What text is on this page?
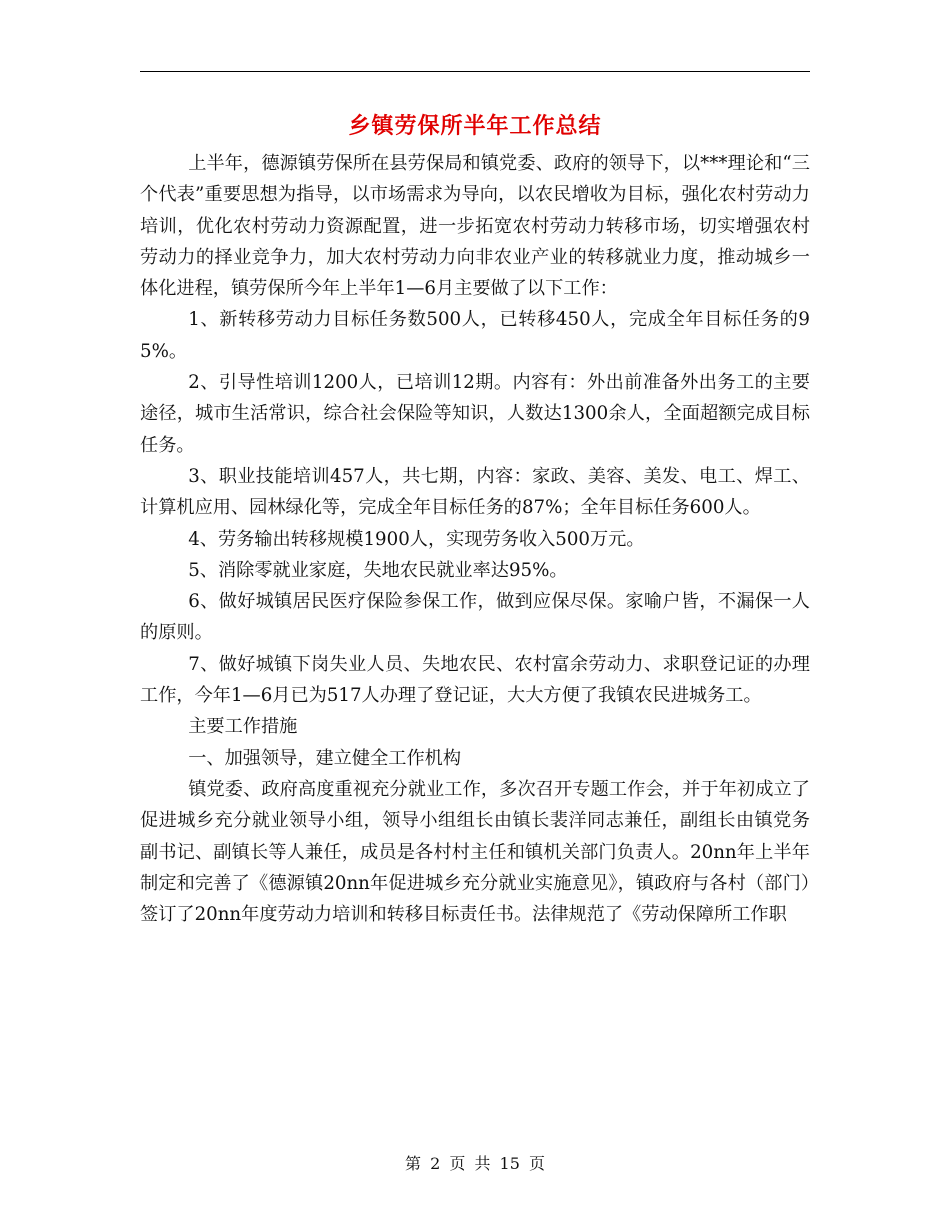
乡镇劳保所半年工作总结

上半年，德源镇劳保所在县劳保局和镇党委、政府的领导下，以***理论和“三个代表”重要思想为指导，以市场需求为导向，以农民增收为目标，强化农村劳动力培训，优化农村劳动力资源配置，进一步拓宽农村劳动力转移市场，切实增强农村劳动力的择业竞争力，加大农村劳动力向非农业产业的转移就业力度，推动城乡一体化进程，镇劳保所今年上半年1—6月主要做了以下工作：

1、新转移劳动力目标任务数500人，已转移450人，完成全年目标任务的95%。

2、引导性培训1200人，已培训12期。内容有：外出前准备外出务工的主要途径，城市生活常识，综合社会保险等知识，人数达1300余人，全面超额完成目标任务。

3、职业技能培训457人，共七期，内容：家政、美容、美发、电工、焊工、计算机应用、园林绿化等，完成全年目标任务的87%；全年目标任务600人。

4、劳务输出转移规模1900人，实现劳务收入500万元。

5、消除零就业家庭，失地农民就业率达95%。

6、做好城镇居民医疗保险参保工作，做到应保尽保。家喻户皆，不漏保一人的原则。

7、做好城镇下岗失业人员、失地农民、农村富余劳动力、求职登记证的办理工作，今年1—6月已为517人办理了登记证，大大方便了我镇农民进城务工。

主要工作措施

一、加强领导，建立健全工作机构

镇党委、政府高度重视充分就业工作，多次召开专题工作会，并于年初成立了促进城乡充分就业领导小组，领导小组组长由镇长裴洋同志兼任，副组长由镇党务副书记、副镇长等人兼任，成员是各村村主任和镇机关部门负责人。20nn年上半年制定和完善了《德源镇20nn年促进城乡充分就业实施意见》，镇政府与各村（部门）签订了20nn年度劳动力培训和转移目标责任书。法律规范了《劳动保障所工作职

第 2 页 共 15 页
